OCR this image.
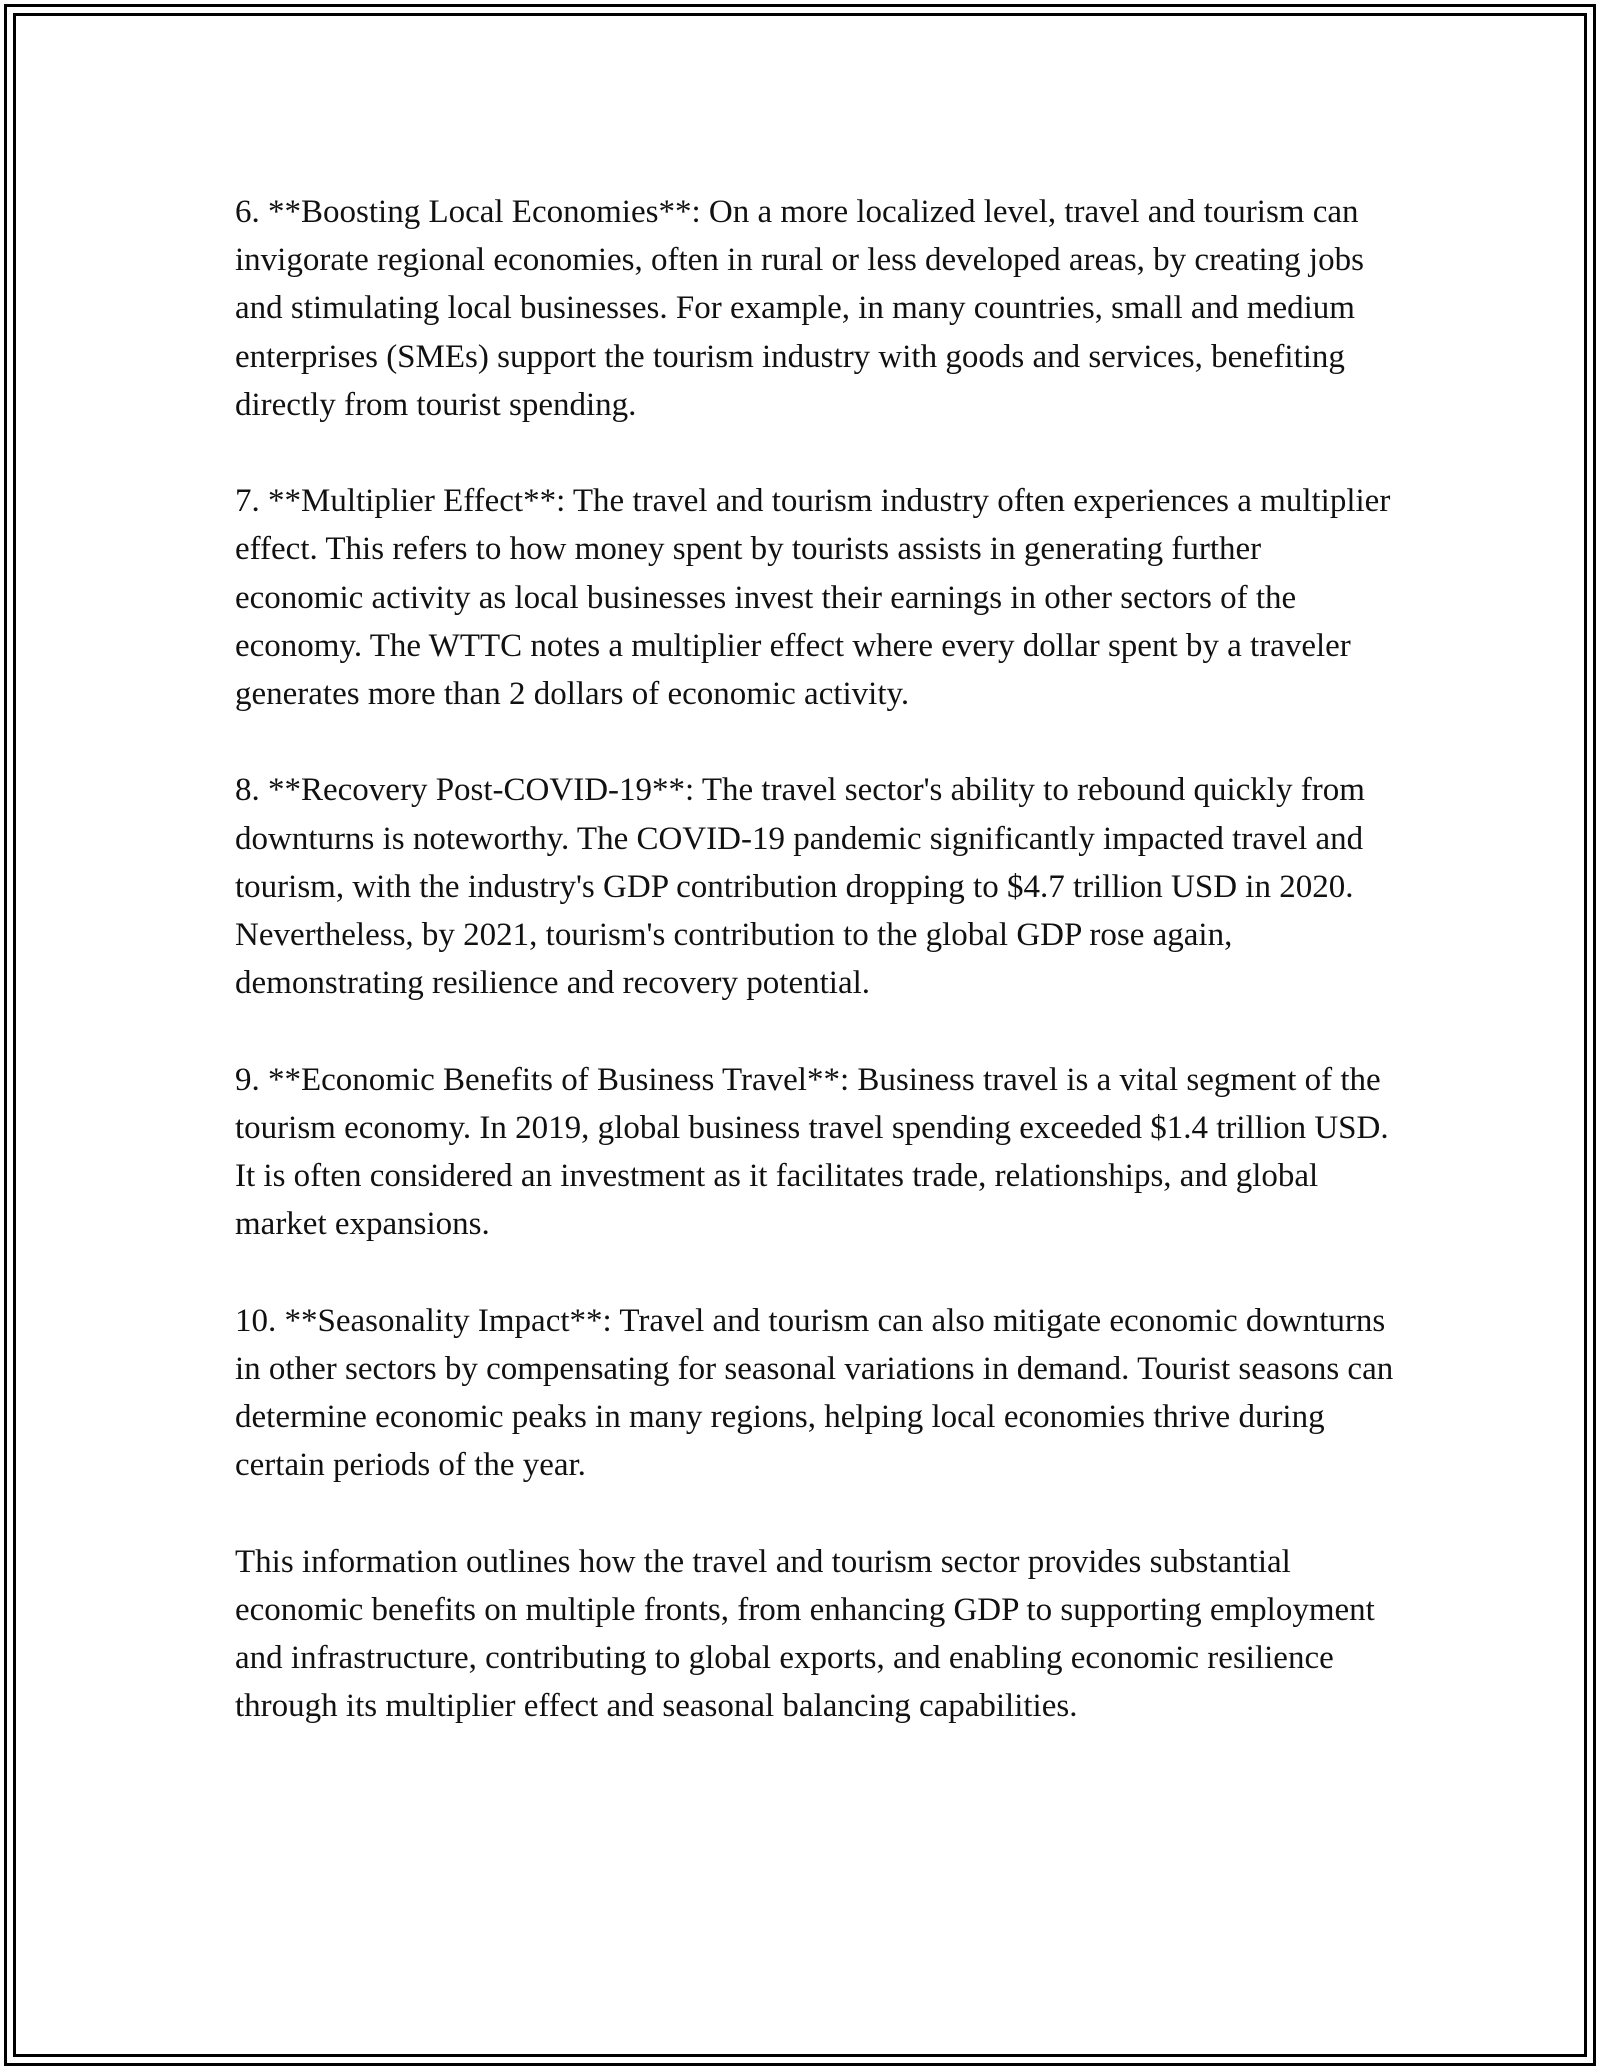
6. **Boosting Local Economies**: On a more localized level, travel and tourism can invigorate regional economies, often in rural or less developed areas, by creating jobs and stimulating local businesses. For example, in many countries, small and medium enterprises (SMEs) support the tourism industry with goods and services, benefiting directly from tourist spending.

7. **Multiplier Effect**: The travel and tourism industry often experiences a multiplier effect. This refers to how money spent by tourists assists in generating further economic activity as local businesses invest their earnings in other sectors of the economy. The WTTC notes a multiplier effect where every dollar spent by a traveler generates more than 2 dollars of economic activity.

8. **Recovery Post-COVID-19**: The travel sector's ability to rebound quickly from downturns is noteworthy. The COVID-19 pandemic significantly impacted travel and tourism, with the industry's GDP contribution dropping to $4.7 trillion USD in 2020. Nevertheless, by 2021, tourism's contribution to the global GDP rose again, demonstrating resilience and recovery potential.

9. **Economic Benefits of Business Travel**: Business travel is a vital segment of the tourism economy. In 2019, global business travel spending exceeded $1.4 trillion USD. It is often considered an investment as it facilitates trade, relationships, and global market expansions.

10. **Seasonality Impact**: Travel and tourism can also mitigate economic downturns in other sectors by compensating for seasonal variations in demand. Tourist seasons can determine economic peaks in many regions, helping local economies thrive during certain periods of the year.

This information outlines how the travel and tourism sector provides substantial economic benefits on multiple fronts, from enhancing GDP to supporting employment and infrastructure, contributing to global exports, and enabling economic resilience through its multiplier effect and seasonal balancing capabilities.
